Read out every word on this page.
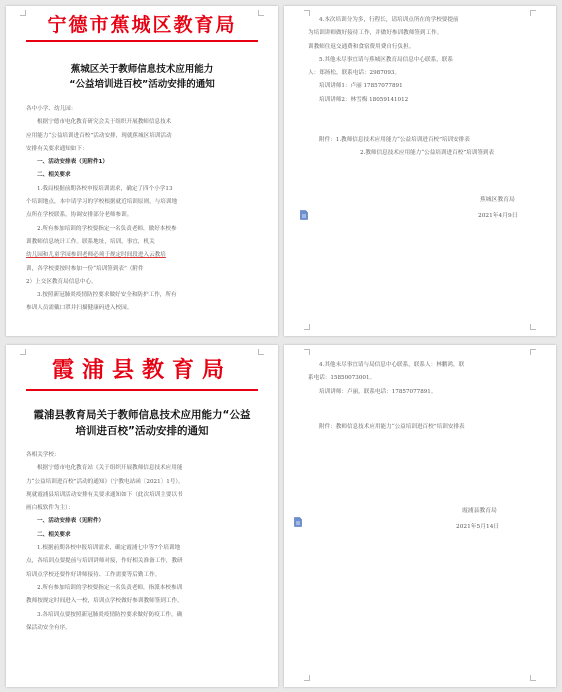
宁德市蕉城区教育局
蕉城区关于教师信息技术应用能力
“公益培训进百校”活动安排的通知

各中小学、幼儿园：

根据宁德市电化教育研究会关于组织开展教师信息技术

应用能力“公益培训进百校”活动安排，现就蕉城区培训活动

安排有关要求通知如下：

一、活动安排表（见附件1）

二、相关要求

1.我局根据前期各校申报培训需求，确定了四个小学13

个培训地点，本中请学习的学校根据就近培训原则，与培训地

点所在学校联系，协调安排部分老师参训。

2.所有参加培训的学校要指定一名负责老师，做好本校参

训教师信息统计工作。联系地址，培训，事宜，机关

幼儿园和儿童学园参训老师必须于规定时间段进入云教培

训，各学校要按时参加一份“培训签到表”（附件

2）上交区教育局信息中心。

3.按照新冠肺炎疫情防控要求做好安全和防护工作，所有

参训人员需戴口罩并扫描健康码进入校园。

4.本次培训分为多，行程长，请培训点所在的学校要提前

为培训讲师做好接待工作，并做好参训教师签到工作。

训教师住返交通费和食宿费用费自行负担。

5.其他未尽事宜请与蕉城区教育局信息中心联系，联系

人：郑扬松，联系电话：2987093。

培训讲师1：卢丽 17857077891

培训讲师2：林雪梅 18059141012

附件：1.教师信息技术应用能力“公益培训进百校”培训安排表

2.教师信息技术应用能力“公益培训进百校”培训签到表

蕉城区教育局
2021年4月9日
霞浦县教育局
霞浦县教育局关于教师信息技术应用能力“公益
培训进百校”活动安排的通知

各相关学校：

根据宁德市电化教育站《关于组织开展教师信息技术应用能

力“公益培训进百校”活动的通知》（宁教电站函〔2021〕1号），

现就霞浦县培训活动安排有关要求通知如下（此次培训主要以书

画白板软件为主）：

一、活动安排表（见附件）

二、相关要求

1.根据前期各校申报培训需求，确定霞浦七中等7个培训地

点，各培训点要提前与培训讲师对接，作好相关准备工作，教研

培训点学校还要作好讲师接待、工作需要等后勤工作。

2.所有参加培训的学校要指定一名负责老师，指派本校参训

教师按规定时间进入一校，培训点学校做好参训教师签到工作。

3.各培训点要按照新冠肺炎疫情防控要求做好防疫工作，确

保活动安全有序。

4.其他未尽事宜请与局信息中心联系，联系人：林鹏鸿，联

系电话：15850073001。

培训讲师：卢丽，联系电话：17857077891。

附件：教师信息技术应用能力“公益培训进百校”培训安排表

霞浦县教育局
2021年5月14日
